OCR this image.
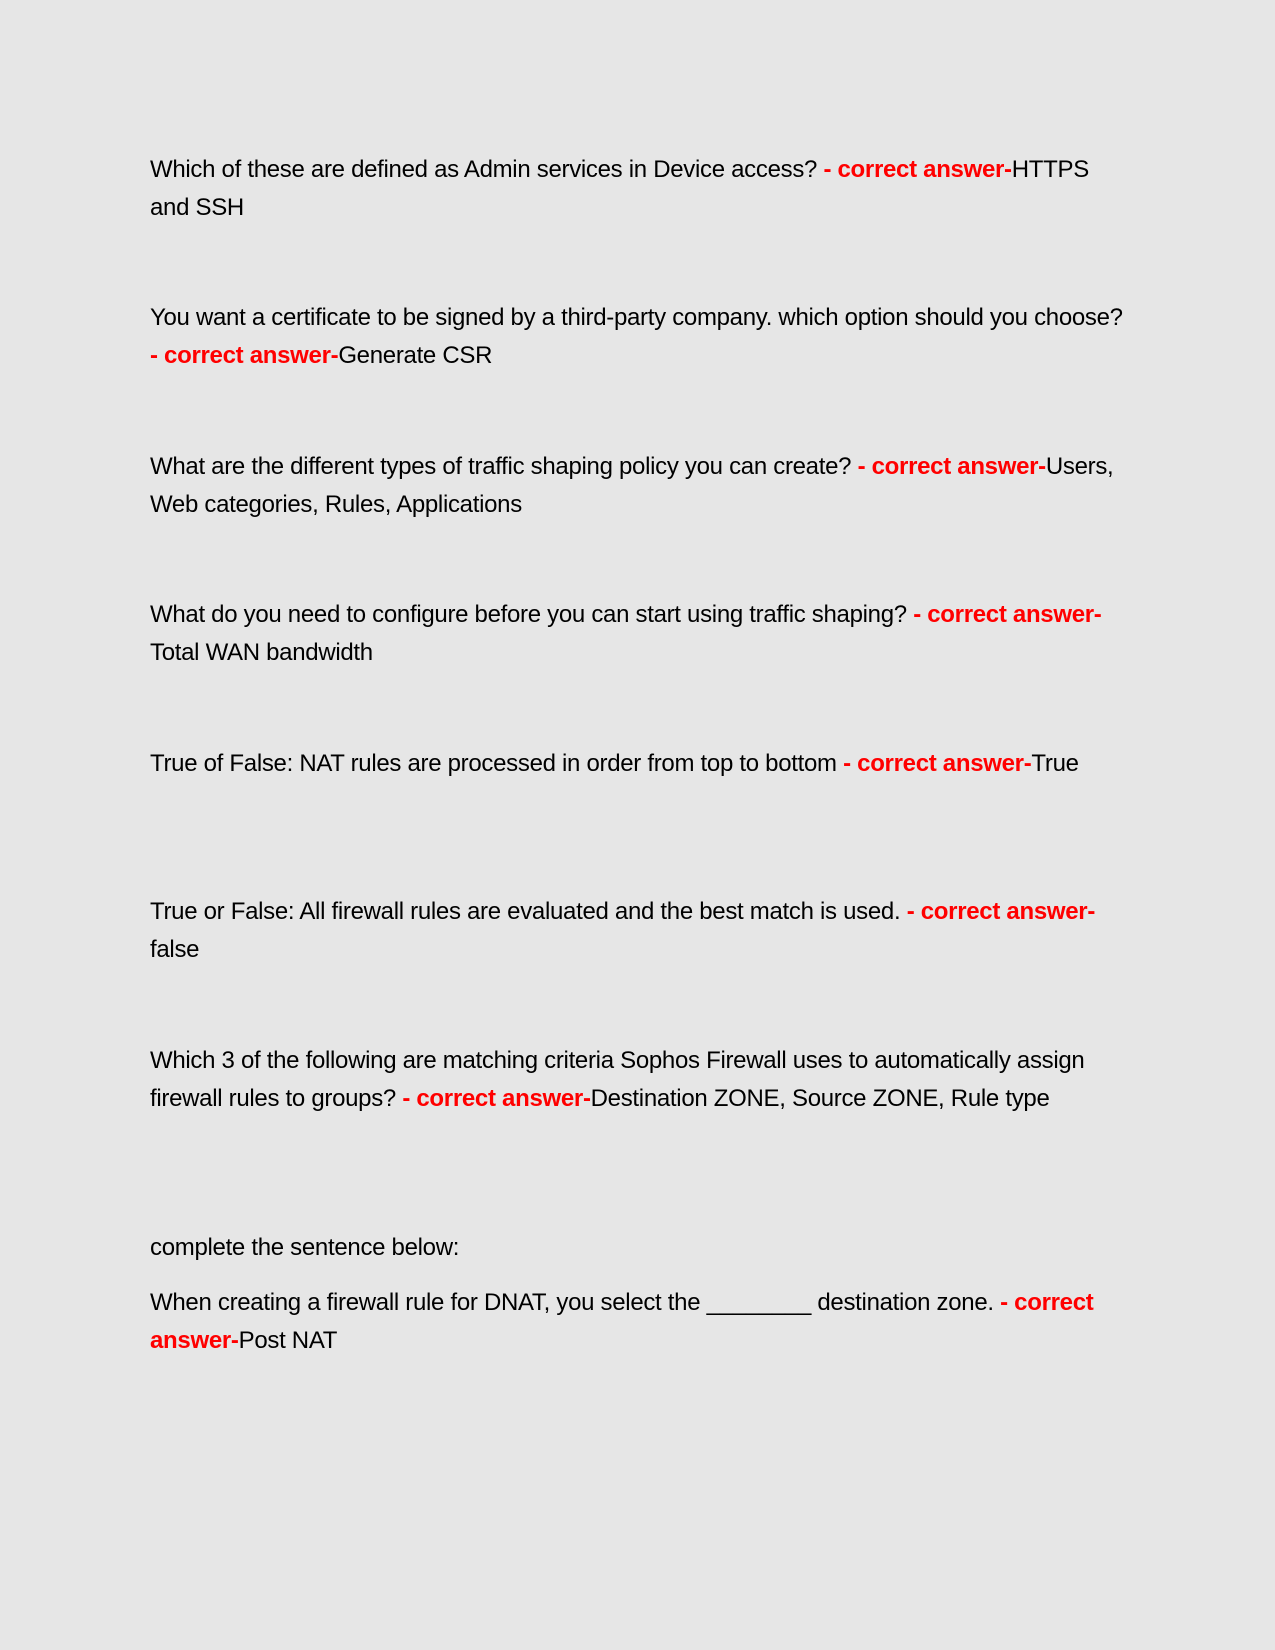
Which of these are defined as Admin services in Device access? - correct answer-HTTPS and SSH
You want a certificate to be signed by a third-party company. which option should you choose? - correct answer-Generate CSR
What are the different types of traffic shaping policy you can create? - correct answer-Users, Web categories, Rules, Applications
What do you need to configure before you can start using traffic shaping? - correct answer-Total WAN bandwidth
True of False: NAT rules are processed in order from top to bottom - correct answer-True
True or False: All firewall rules are evaluated and the best match is used. - correct answer-false
Which 3 of the following are matching criteria Sophos Firewall uses to automatically assign firewall rules to groups? - correct answer-Destination ZONE, Source ZONE, Rule type
complete the sentence below:
When creating a firewall rule for DNAT, you select the ________ destination zone. - correct answer-Post NAT
